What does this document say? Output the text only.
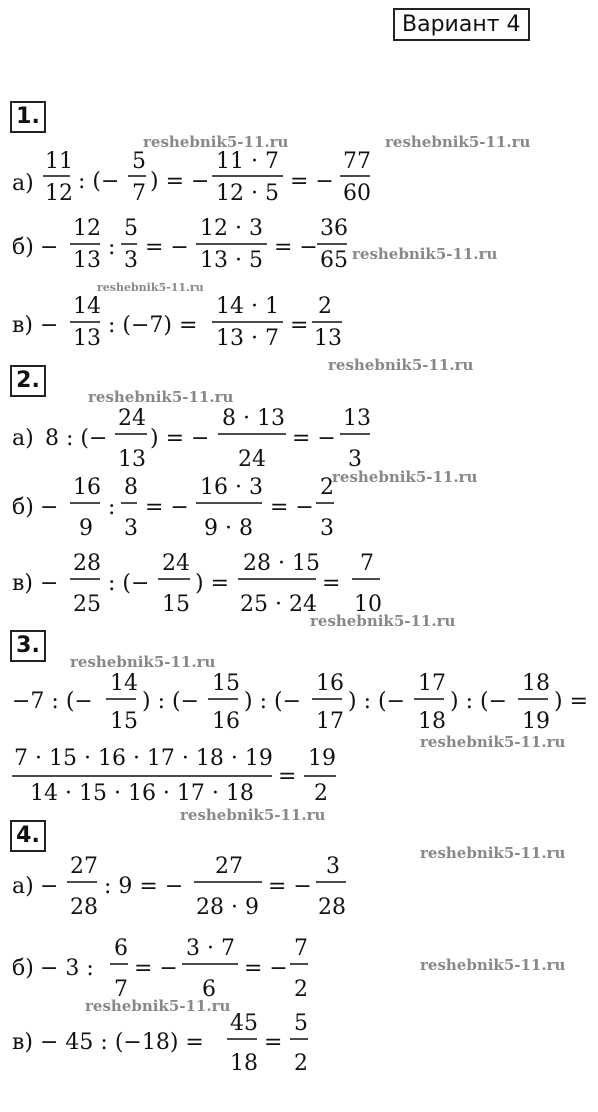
Вариант 4
reshebnik5-11.ru	reshebnik5-11.ru
reshebnik5-11.ru
reshebnik5-11.ru
reshebnik5-11.ru
reshebnik5-11.ru
reshebnik5-11.ru
reshebnik5-11.ru
reshebnik5-11.ru
reshebnik5-11.ru
reshebnik5-11.ru
reshebnik5-11.ru
reshebnik5-11.ru
reshebnik5-11.ru
1.
2.
3.
4.
а)
11
12 : (−
5
7 ) = −
11 · 7
12 · 5 = −
77
60
б) −
12
13
:
5
3
= −
12 · 3
13 · 5
= −
36
65
в) −
14
13
: (−7) =
14 · 1
13 · 7
=
2
13
а) 8 : (−
24
13
) = −
8 · 13
24
= −
13
3
б) −
16
9
:
8
3
= −
16 · 3
9 · 8
= −
2
3
в) −
28
25
: (−
24
15
) =
28 · 15
25 · 24
=
7
10
−7 : (−
14
15
) : (−
15
16
) : (−
16
17
) : (−
17
18
) : (−
18
19
) =
7 · 15 · 16 · 17 · 18 · 19
14 · 15 · 16 · 17 · 18
=
19
2
а) −
27
28
: 9 = −
27
28 · 9
= −
3
28
б) − 3 :
6
7
= −
3 · 7
6
= −
7
2
в) − 45 : (−18) =
45
18
=
5
2
